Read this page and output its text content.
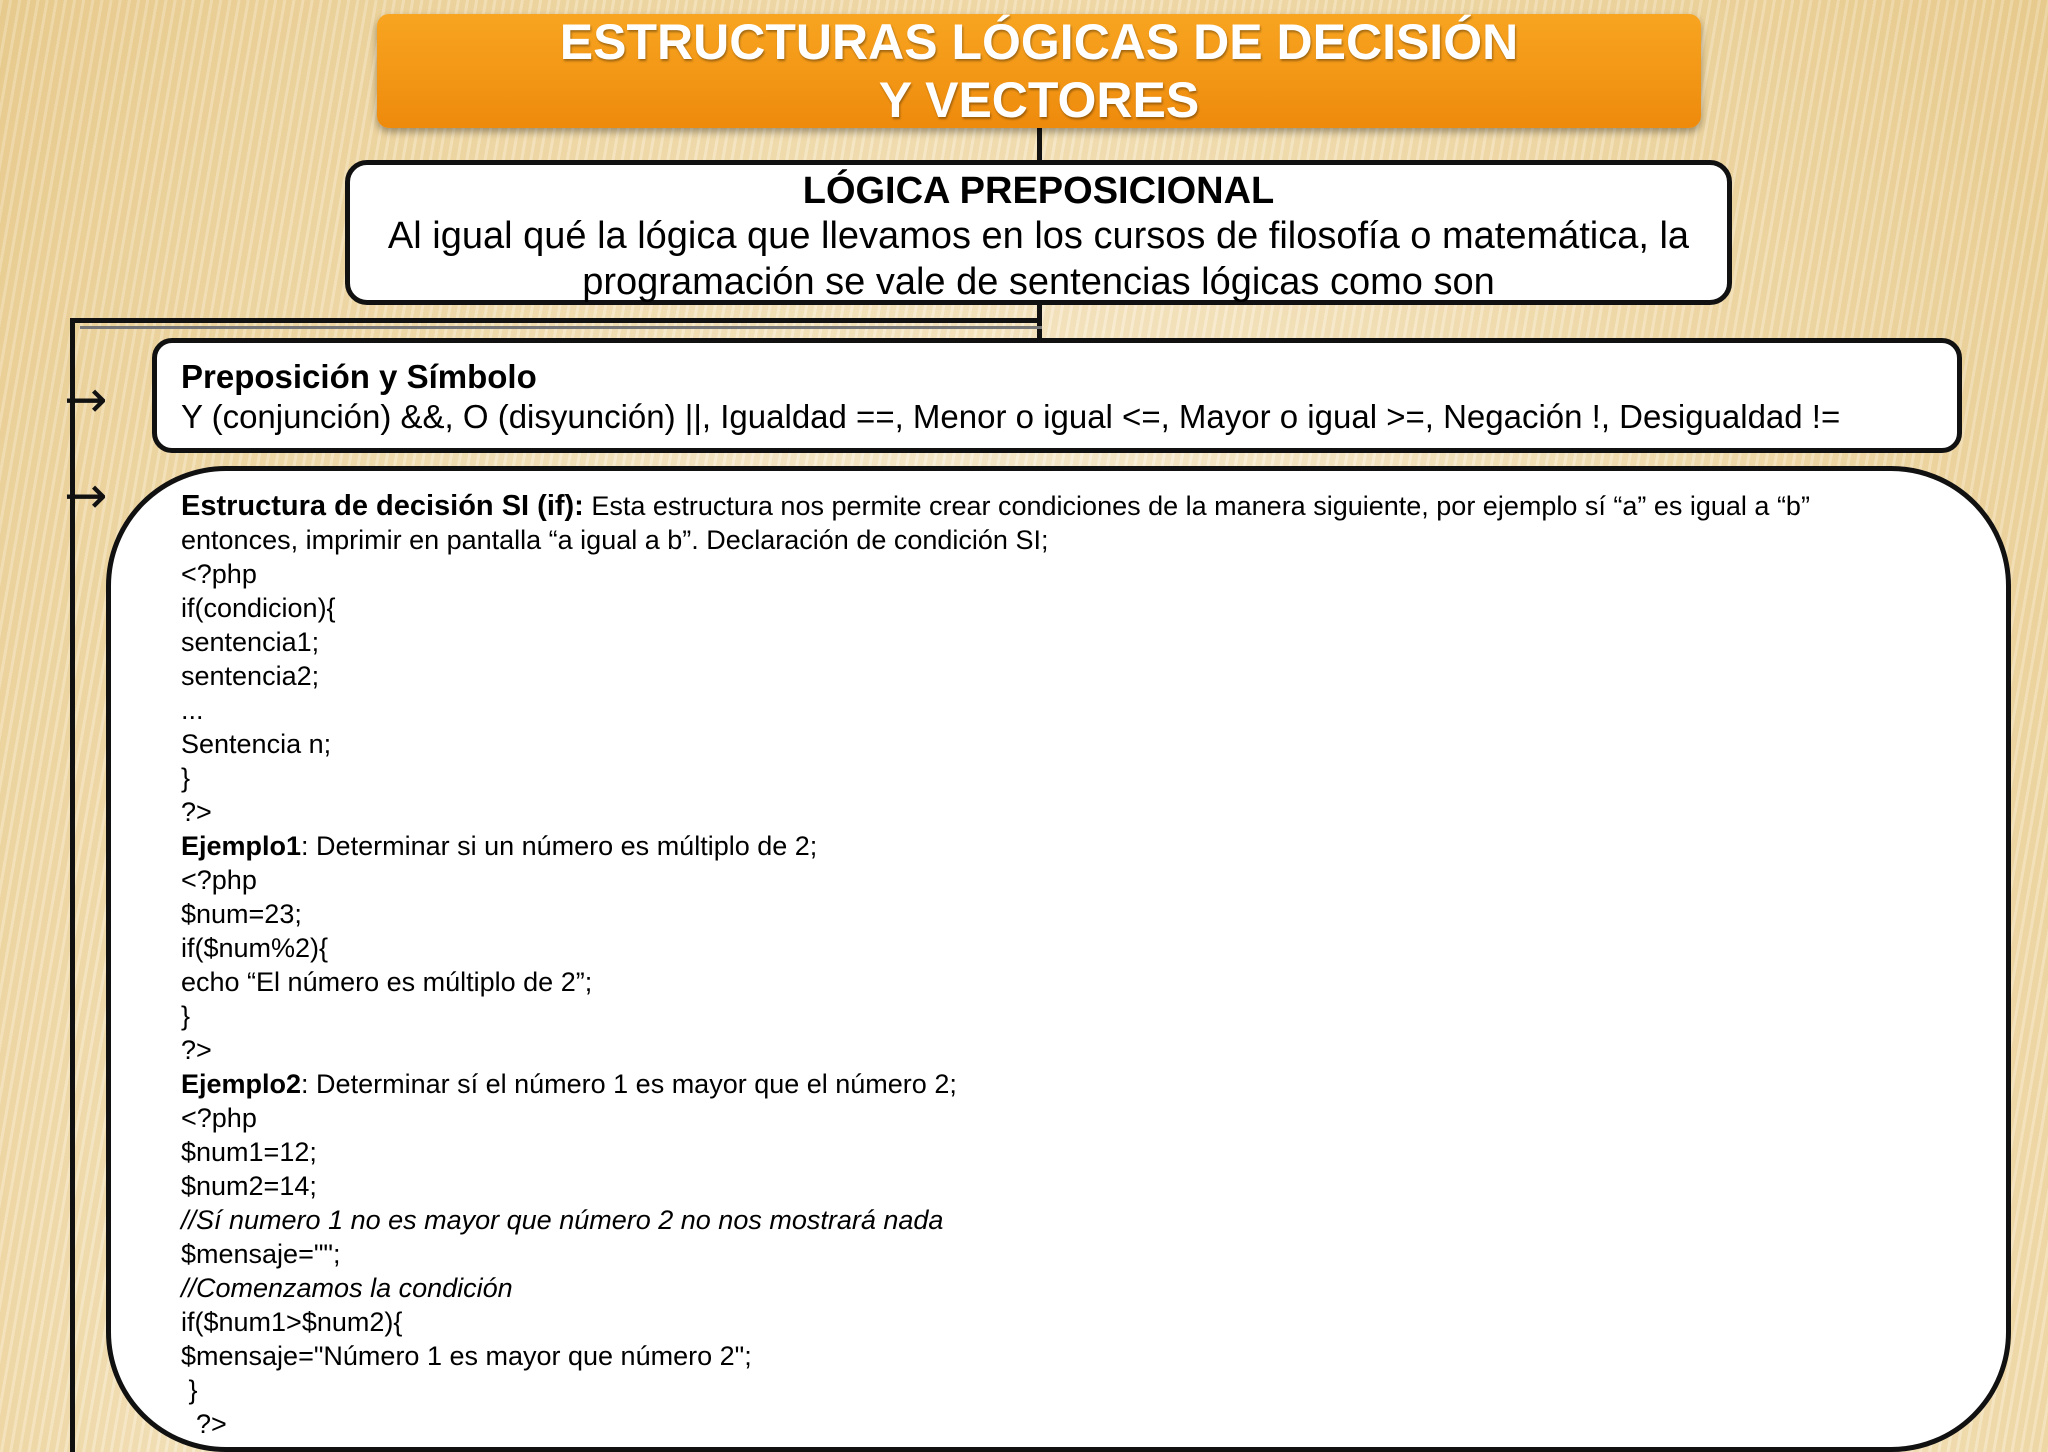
ESTRUCTURAS LÓGICAS DE DECISIÓN Y VECTORES
LÓGICA PREPOSICIONAL
Al igual qué la lógica que llevamos en los cursos de filosofía o matemática, la programación se vale de sentencias lógicas como son
→
→
Preposición y Símbolo
Y (conjunción) &&, O (disyunción) ||, Igualdad ==, Menor o igual <=, Mayor o igual >=, Negación !, Desigualdad !=
Estructura de decisión SI (if): Esta estructura nos permite crear condiciones de la manera siguiente, por ejemplo sí “a” es igual a “b” entonces, imprimir en pantalla “a igual a b”. Declaración de condición SI;
<?php
if(condicion){
sentencia1;
sentencia2;
...
Sentencia n;
}
?>
Ejemplo1: Determinar si un número es múltiplo de 2;
<?php
$num=23;
if($num%2){
echo “El número es múltiplo de 2”;
}
?>
Ejemplo2: Determinar sí el número 1 es mayor que el número 2;
<?php
$num1=12;
$num2=14;
//Sí numero 1 no es mayor que número 2 no nos mostrará nada
$mensaje="";
//Comenzamos la condición
if($num1>$num2){
$mensaje="Número 1 es mayor que número 2";
}
?>
